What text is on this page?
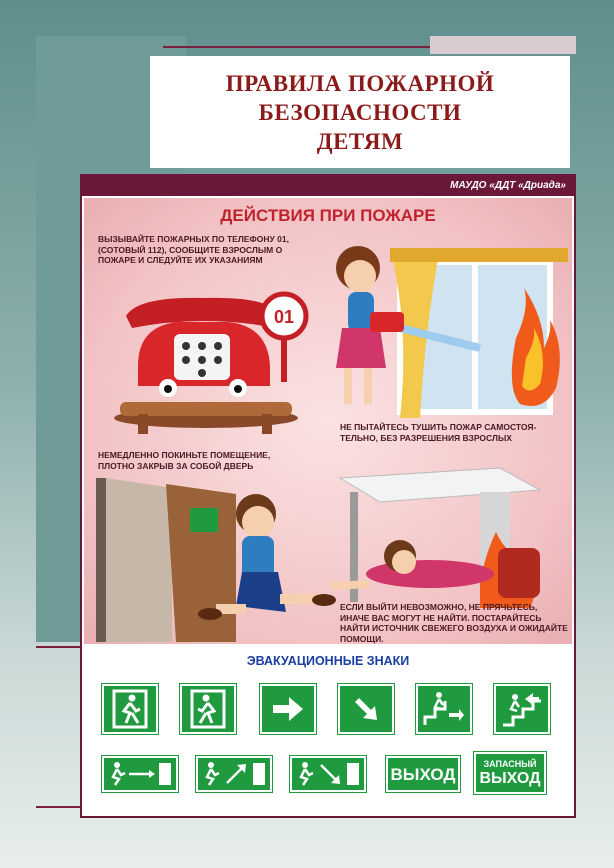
ПРАВИЛА ПОЖАРНОЙ
БЕЗОПАСНОСТИ
ДЕТЯМ
МАУДО «ДДТ «Дриада»
ДЕЙСТВИЯ ПРИ ПОЖАРЕ
ВЫЗЫВАЙТЕ ПОЖАРНЫХ ПО ТЕЛЕФОНУ 01, (СОТОВЫЙ 112), СООБЩИТЕ ВЗРОСЛЫМ О ПОЖАРЕ И СЛЕДУЙТЕ ИХ УКАЗАНИЯМ
01
НЕ ПЫТАЙТЕСЬ ТУШИТЬ ПОЖАР САМОСТОЯ-ТЕЛЬНО, БЕЗ РАЗРЕШЕНИЯ ВЗРОСЛЫХ
НЕМЕДЛЕННО ПОКИНЬТЕ ПОМЕЩЕНИЕ, ПЛОТНО ЗАКРЫВ ЗА СОБОЙ ДВЕРЬ
ЕСЛИ ВЫЙТИ НЕВОЗМОЖНО, НЕ ПРЯЧЬТЕСЬ, ИНАЧЕ ВАС МОГУТ НЕ НАЙТИ. ПОСТАРАЙТЕСЬ НАЙТИ ИСТОЧНИК СВЕЖЕГО ВОЗДУХА И ОЖИДАЙТЕ ПОМОЩИ.
ЭВАКУАЦИОННЫЕ ЗНАКИ
ВЫХОД
ЗАПАСНЫЙ
ВЫХОД
